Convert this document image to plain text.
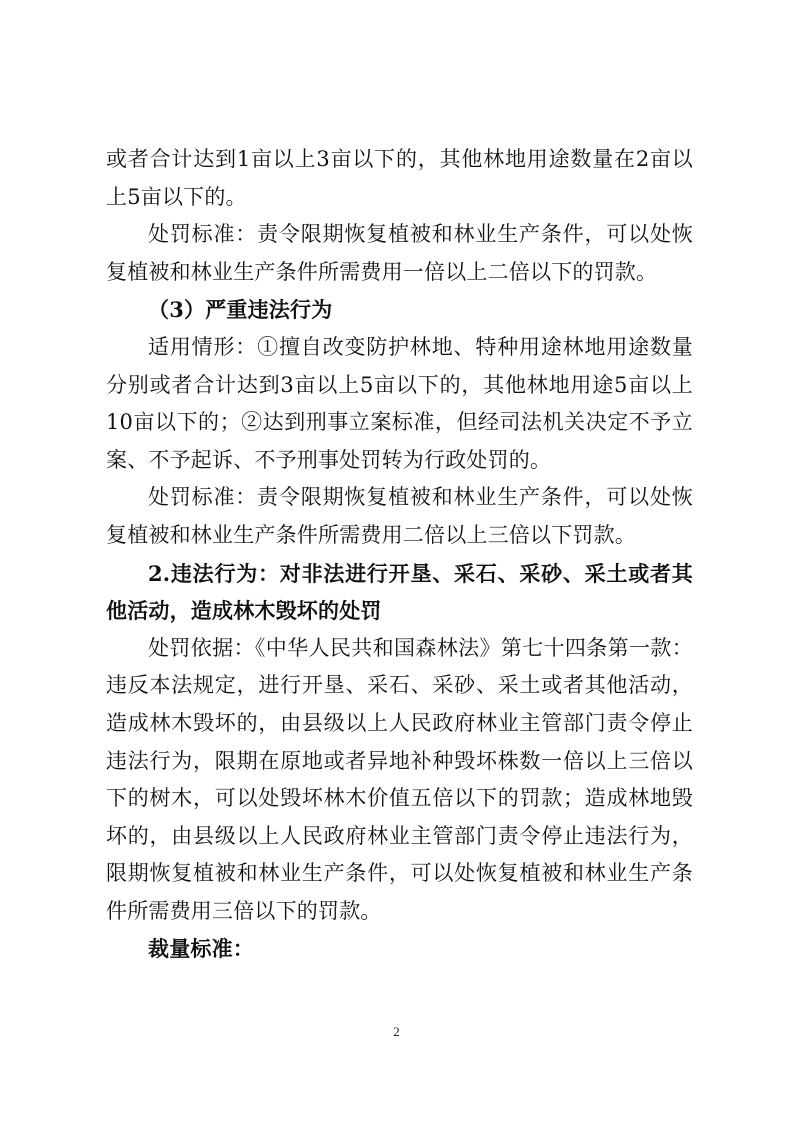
或者合计达到1亩以上3亩以下的，其他林地用途数量在2亩以上5亩以下的。

处罚标准：责令限期恢复植被和林业生产条件，可以处恢复植被和林业生产条件所需费用一倍以上二倍以下的罚款。

（3）严重违法行为

适用情形：①擅自改变防护林地、特种用途林地用途数量分别或者合计达到3亩以上5亩以下的，其他林地用途5亩以上10亩以下的；②达到刑事立案标准，但经司法机关决定不予立案、不予起诉、不予刑事处罚转为行政处罚的。

处罚标准：责令限期恢复植被和林业生产条件，可以处恢复植被和林业生产条件所需费用二倍以上三倍以下罚款。

2.违法行为：对非法进行开垦、采石、采砂、采土或者其他活动，造成林木毁坏的处罚

处罚依据：《中华人民共和国森林法》第七十四条第一款：违反本法规定，进行开垦、采石、采砂、采土或者其他活动，造成林木毁坏的，由县级以上人民政府林业主管部门责令停止违法行为，限期在原地或者异地补种毁坏株数一倍以上三倍以下的树木，可以处毁坏林木价值五倍以下的罚款；造成林地毁坏的，由县级以上人民政府林业主管部门责令停止违法行为，限期恢复植被和林业生产条件，可以处恢复植被和林业生产条件所需费用三倍以下的罚款。

裁量标准：

2
